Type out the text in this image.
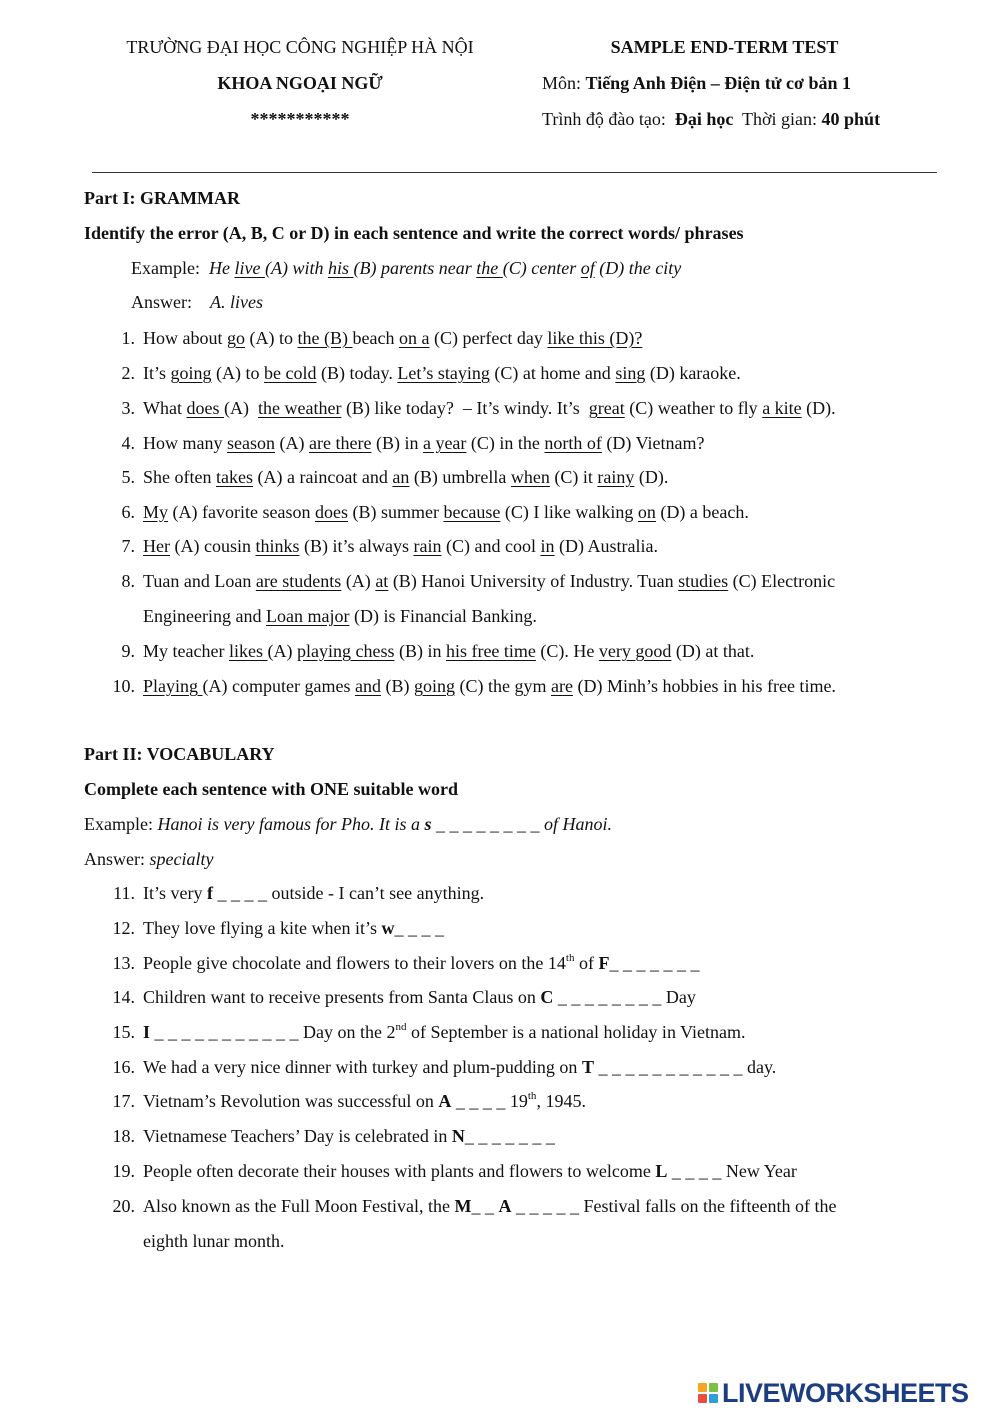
TRƯỜNG ĐẠI HỌC CÔNG NGHIỆP HÀ NỘI
KHOA NGOẠI NGỮ
***********
SAMPLE END-TERM TEST
Môn: Tiếng Anh Điện – Điện tử cơ bản 1
Trình độ đào tạo:  Đại học  Thời gian: 40 phút
Part I: GRAMMAR
Identify the error (A, B, C or D) in each sentence and write the correct words/ phrases
Example:  He live (A) with his (B) parents near the (C) center of (D) the city
Answer:    A. lives
1. How about go (A) to the (B) beach on a (C) perfect day like this (D)?
2. It’s going (A) to be cold (B) today. Let’s staying (C) at home and sing (D) karaoke.
3. What does (A)  the weather (B) like today?  – It’s windy. It’s  great (C) weather to fly a kite (D).
4. How many season (A) are there (B) in a year (C) in the north of (D) Vietnam?
5. She often takes (A) a raincoat and an (B) umbrella when (C) it rainy (D).
6. My (A) favorite season does (B) summer because (C) I like walking on (D) a beach.
7. Her (A) cousin thinks (B) it’s always rain (C) and cool in (D) Australia.
8. Tuan and Loan are students (A) at (B) Hanoi University of Industry. Tuan studies (C) Electronic
Engineering and Loan major (D) is Financial Banking.
9. My teacher likes (A) playing chess (B) in his free time (C). He very good (D) at that.
10. Playing (A) computer games and (B) going (C) the gym are (D) Minh’s hobbies in his free time.
Part II: VOCABULARY
Complete each sentence with ONE suitable word
Example: Hanoi is very famous for Pho. It is a s _ _ _ _ _ _ _ _ of Hanoi.
Answer: specialty
11. It’s very f _ _ _ _ outside - I can’t see anything.
12. They love flying a kite when it’s w_ _ _ _
13. People give chocolate and flowers to their lovers on the 14th of F_ _ _ _ _ _ _
14. Children want to receive presents from Santa Claus on C _ _ _ _ _ _ _ _ Day
15. I _ _ _ _ _ _ _ _ _ _ _ Day on the 2nd of September is a national holiday in Vietnam.
16. We had a very nice dinner with turkey and plum-pudding on T _ _ _ _ _ _ _ _ _ _ _ day.
17. Vietnam’s Revolution was successful on A _ _ _ _ 19th, 1945.
18. Vietnamese Teachers’ Day is celebrated in N_ _ _ _ _ _ _
19. People often decorate their houses with plants and flowers to welcome L _ _ _ _ New Year
20. Also known as the Full Moon Festival, the M_ _ A _ _ _ _ _ Festival falls on the fifteenth of the
eighth lunar month.
LIVEWORKSHEETS
